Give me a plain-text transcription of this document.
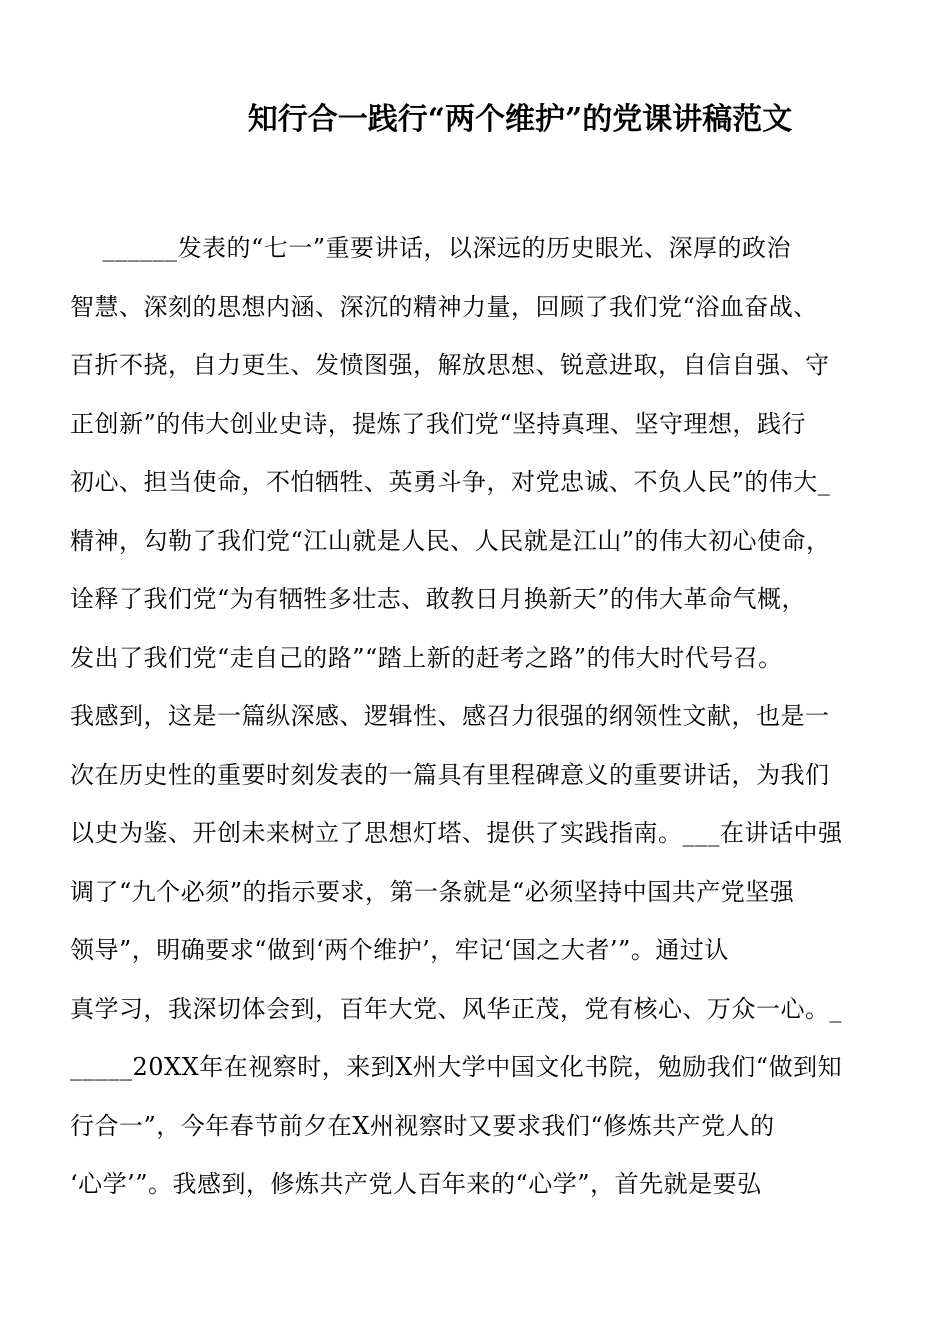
知行合一践行“两个维护”的党课讲稿范文
______发表的“七一”重要讲话，以深远的历史眼光、深厚的政治
智慧、深刻的思想内涵、深沉的精神力量，回顾了我们党“浴血奋战、
百折不挠，自力更生、发愤图强，解放思想、锐意进取，自信自强、守
正创新”的伟大创业史诗，提炼了我们党“坚持真理、坚守理想，践行
初心、担当使命，不怕牺牲、英勇斗争，对党忠诚、不负人民”的伟大_
精神，勾勒了我们党“江山就是人民、人民就是江山”的伟大初心使命，
诠释了我们党“为有牺牲多壮志、敢教日月换新天”的伟大革命气概，
发出了我们党“走自己的路”“踏上新的赶考之路”的伟大时代号召。
我感到，这是一篇纵深感、逻辑性、感召力很强的纲领性文献，也是一
次在历史性的重要时刻发表的一篇具有里程碑意义的重要讲话，为我们
以史为鉴、开创未来树立了思想灯塔、提供了实践指南。___在讲话中强
调了“九个必须”的指示要求，第一条就是“必须坚持中国共产党坚强
领导”，明确要求“做到‘两个维护’，牢记‘国之大者’”。通过认
真学习，我深切体会到，百年大党、风华正茂，党有核心、万众一心。_
_____20XX年在视察时，来到X州大学中国文化书院，勉励我们“做到知
行合一”，今年春节前夕在X州视察时又要求我们“修炼共产党人的
‘心学’”。我感到，修炼共产党人百年来的“心学”，首先就是要弘
